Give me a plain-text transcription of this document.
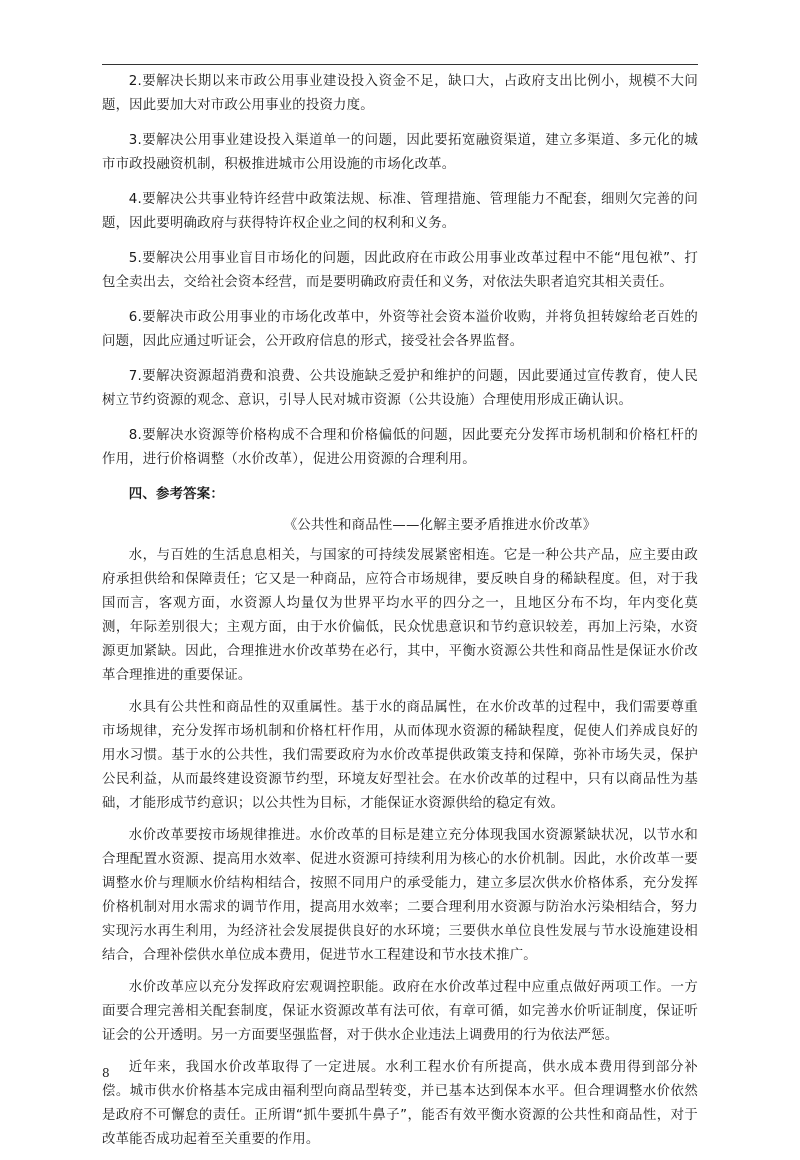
2.要解决长期以来市政公用事业建设投入资金不足，缺口大，占政府支出比例小，规模不大问题，因此要加大对市政公用事业的投资力度。

3.要解决公用事业建设投入渠道单一的问题，因此要拓宽融资渠道，建立多渠道、多元化的城市市政投融资机制，积极推进城市公用设施的市场化改革。

4.要解决公共事业特许经营中政策法规、标准、管理措施、管理能力不配套，细则欠完善的问题，因此要明确政府与获得特许权企业之间的权利和义务。

5.要解决公用事业盲目市场化的问题，因此政府在市政公用事业改革过程中不能“甩包袱”、打包全卖出去，交给社会资本经营，而是要明确政府责任和义务，对依法失职者追究其相关责任。

6.要解决市政公用事业的市场化改革中，外资等社会资本溢价收购，并将负担转嫁给老百姓的问题，因此应通过听证会，公开政府信息的形式，接受社会各界监督。

7.要解决资源超消费和浪费、公共设施缺乏爱护和维护的问题，因此要通过宣传教育，使人民树立节约资源的观念、意识，引导人民对城市资源（公共设施）合理使用形成正确认识。

8.要解决水资源等价格构成不合理和价格偏低的问题，因此要充分发挥市场机制和价格杠杆的作用，进行价格调整（水价改革），促进公用资源的合理利用。

四、参考答案：

《公共性和商品性——化解主要矛盾推进水价改革》

水，与百姓的生活息息相关，与国家的可持续发展紧密相连。它是一种公共产品，应主要由政府承担供给和保障责任；它又是一种商品，应符合市场规律，要反映自身的稀缺程度。但，对于我国而言，客观方面，水资源人均量仅为世界平均水平的四分之一，且地区分布不均，年内变化莫测，年际差别很大；主观方面，由于水价偏低，民众忧患意识和节约意识较差，再加上污染，水资源更加紧缺。因此，合理推进水价改革势在必行，其中，平衡水资源公共性和商品性是保证水价改革合理推进的重要保证。

水具有公共性和商品性的双重属性。基于水的商品属性，在水价改革的过程中，我们需要尊重市场规律，充分发挥市场机制和价格杠杆作用，从而体现水资源的稀缺程度，促使人们养成良好的用水习惯。基于水的公共性，我们需要政府为水价改革提供政策支持和保障，弥补市场失灵，保护公民利益，从而最终建设资源节约型，环境友好型社会。在水价改革的过程中，只有以商品性为基础，才能形成节约意识；以公共性为目标，才能保证水资源供给的稳定有效。

水价改革要按市场规律推进。水价改革的目标是建立充分体现我国水资源紧缺状况，以节水和合理配置水资源、提高用水效率、促进水资源可持续利用为核心的水价机制。因此，水价改革一要调整水价与理顺水价结构相结合，按照不同用户的承受能力，建立多层次供水价格体系，充分发挥价格机制对用水需求的调节作用，提高用水效率；二要合理利用水资源与防治水污染相结合，努力实现污水再生利用，为经济社会发展提供良好的水环境；三要供水单位良性发展与节水设施建设相结合，合理补偿供水单位成本费用，促进节水工程建设和节水技术推广。

水价改革应以充分发挥政府宏观调控职能。政府在水价改革过程中应重点做好两项工作。一方面要合理完善相关配套制度，保证水资源改革有法可依，有章可循，如完善水价听证制度，保证听证会的公开透明。另一方面要坚强监督，对于供水企业违法上调费用的行为依法严惩。

近年来，我国水价改革取得了一定进展。水利工程水价有所提高，供水成本费用得到部分补偿。城市供水价格基本完成由福利型向商品型转变，并已基本达到保本水平。但合理调整水价依然是政府不可懈怠的责任。正所谓“抓牛要抓牛鼻子”，能否有效平衡水资源的公共性和商品性，对于改革能否成功起着至关重要的作用。

8
